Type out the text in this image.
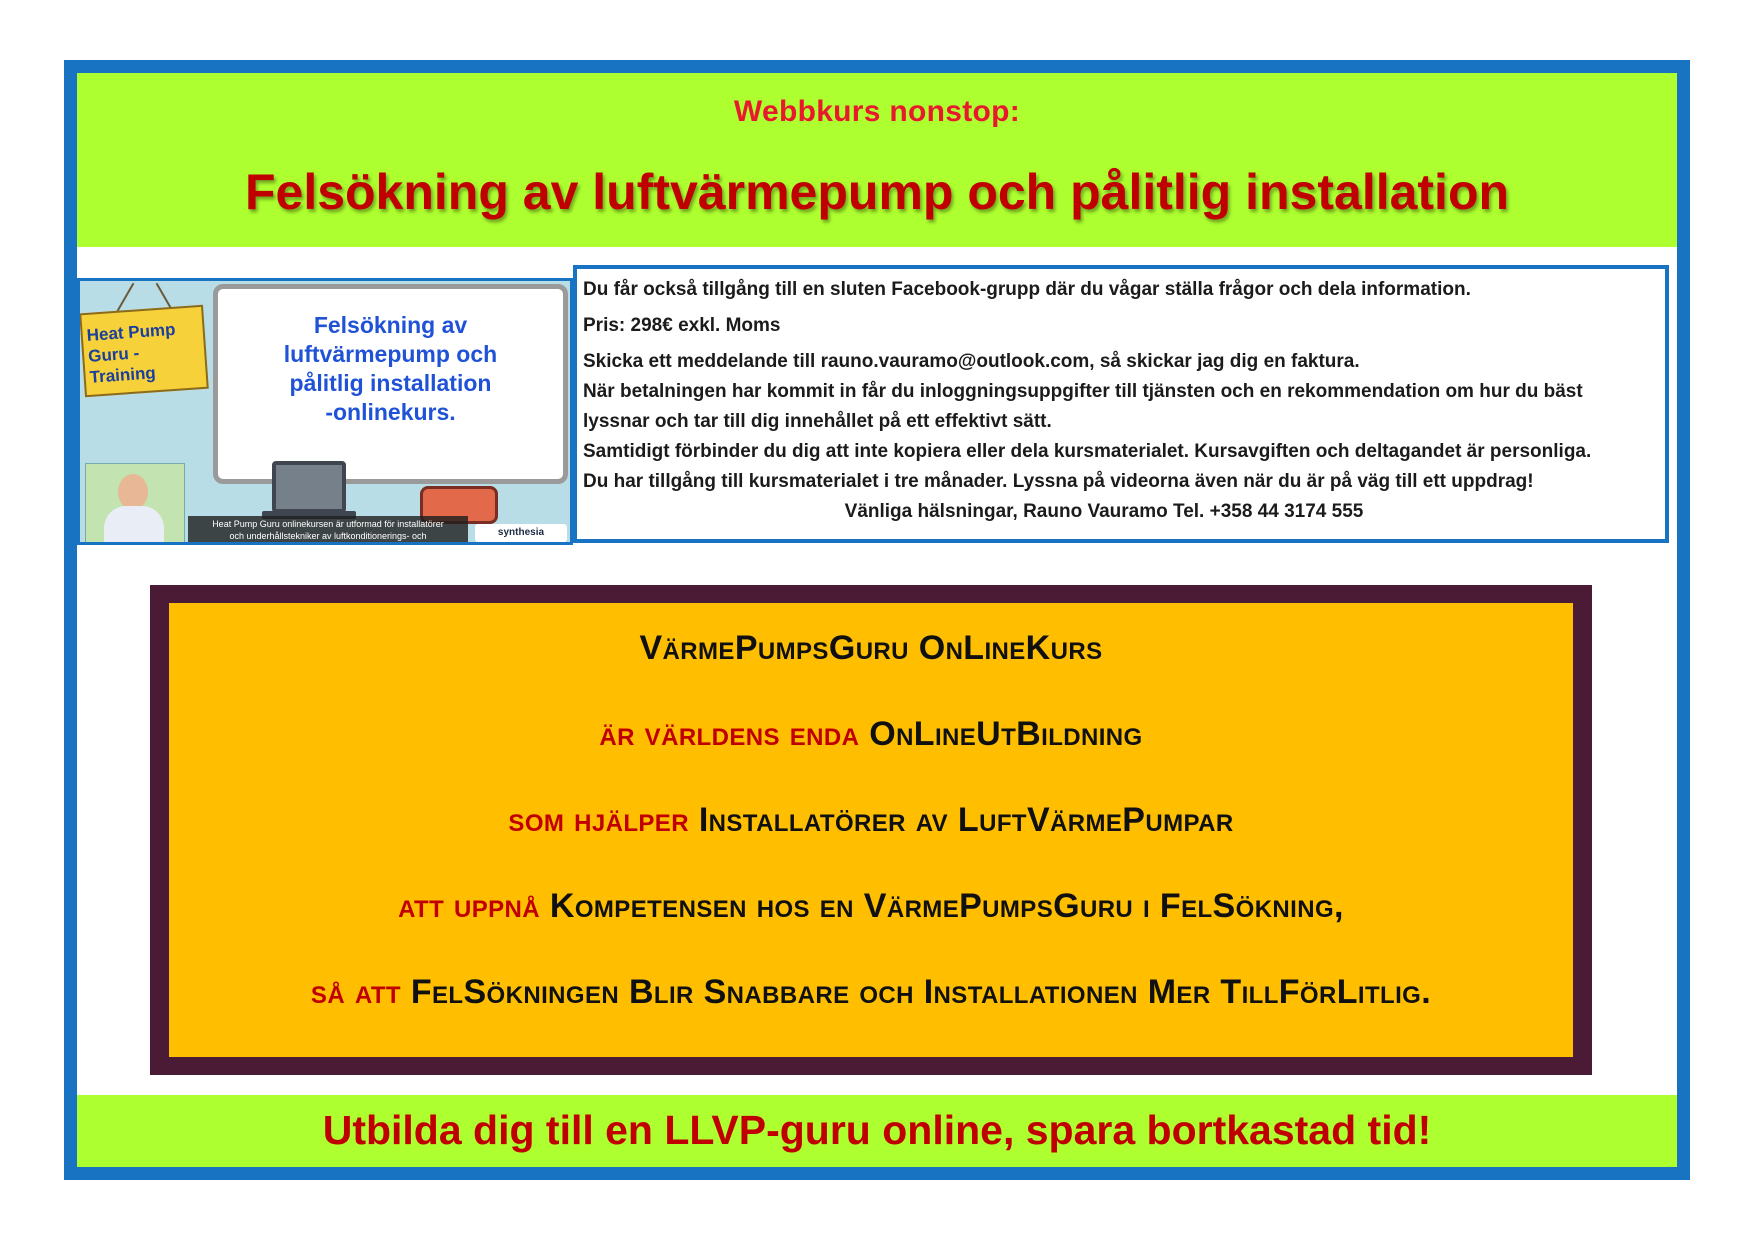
Webbkurs nonstop:
Felsökning av luftvärmepump och pålitlig installation
Heat Pump
Guru -Training
Felsökning av
luftvärmepump och
pålitlig installation
-onlinekurs.
Heat Pump Guru onlinekursen är utformad för installatörer
och underhållstekniker av luftkonditionerings- och	synthesia
Du får också tillgång till en sluten Facebook-grupp där du vågar ställa frågor och dela information.
Pris: 298€ exkl. Moms
Skicka ett meddelande till rauno.vauramo@outlook.com, så skickar jag dig en faktura.
När betalningen har kommit in får du inloggningsuppgifter till tjänsten och en rekommendation om hur du bäst
lyssnar och tar till dig innehållet på ett effektivt sätt.
Samtidigt förbinder du dig att inte kopiera eller dela kursmaterialet. Kursavgiften och deltagandet är personliga.
Du har tillgång till kursmaterialet i tre månader. Lyssna på videorna även när du är på väg till ett uppdrag!
Vänliga hälsningar, Rauno Vauramo Tel. +358 44 3174 555
VärmePumpsGuru OnLineKurs
är världens enda OnLineUtBildning
som hjälper Installatörer av LuftVärmePumpar
att uppnå Kompetensen hos en VärmePumpsGuru i FelSökning,
så att FelSökningen Blir Snabbare och Installationen Mer TillFörLitlig.
Utbilda dig till en LLVP-guru online, spara bortkastad tid!
